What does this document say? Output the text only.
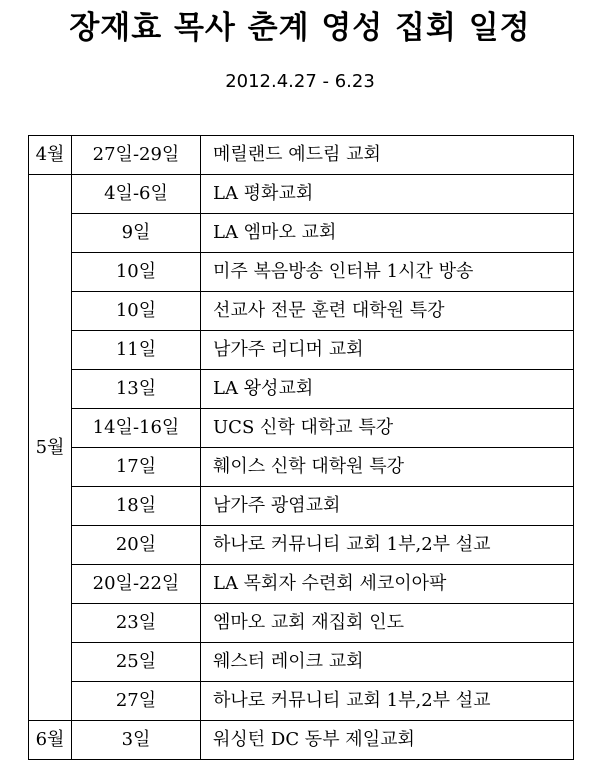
장재효 목사 춘계 영성 집회 일정
2012.4.27 - 6.23
4월	27일-29일	메릴랜드 예드림 교회
5월	4일-6일	LA 평화교회
	9일	LA 엠마오 교회
	10일	미주 복음방송 인터뷰 1시간 방송
	10일	선교사 전문 훈련 대학원 특강
	11일	남가주 리디머 교회
	13일	LA 왕성교회
	14일-16일	UCS 신학 대학교 특강
	17일	훼이스 신학 대학원 특강
	18일	남가주 광염교회
	20일	하나로 커뮤니티 교회 1부,2부 설교
	20일-22일	LA 목회자 수련회 세코이아팍
	23일	엠마오 교회 재집회 인도
	25일	웨스터 레이크 교회
	27일	하나로 커뮤니티 교회 1부,2부 설교
6월	3일	워싱턴 DC 동부 제일교회
